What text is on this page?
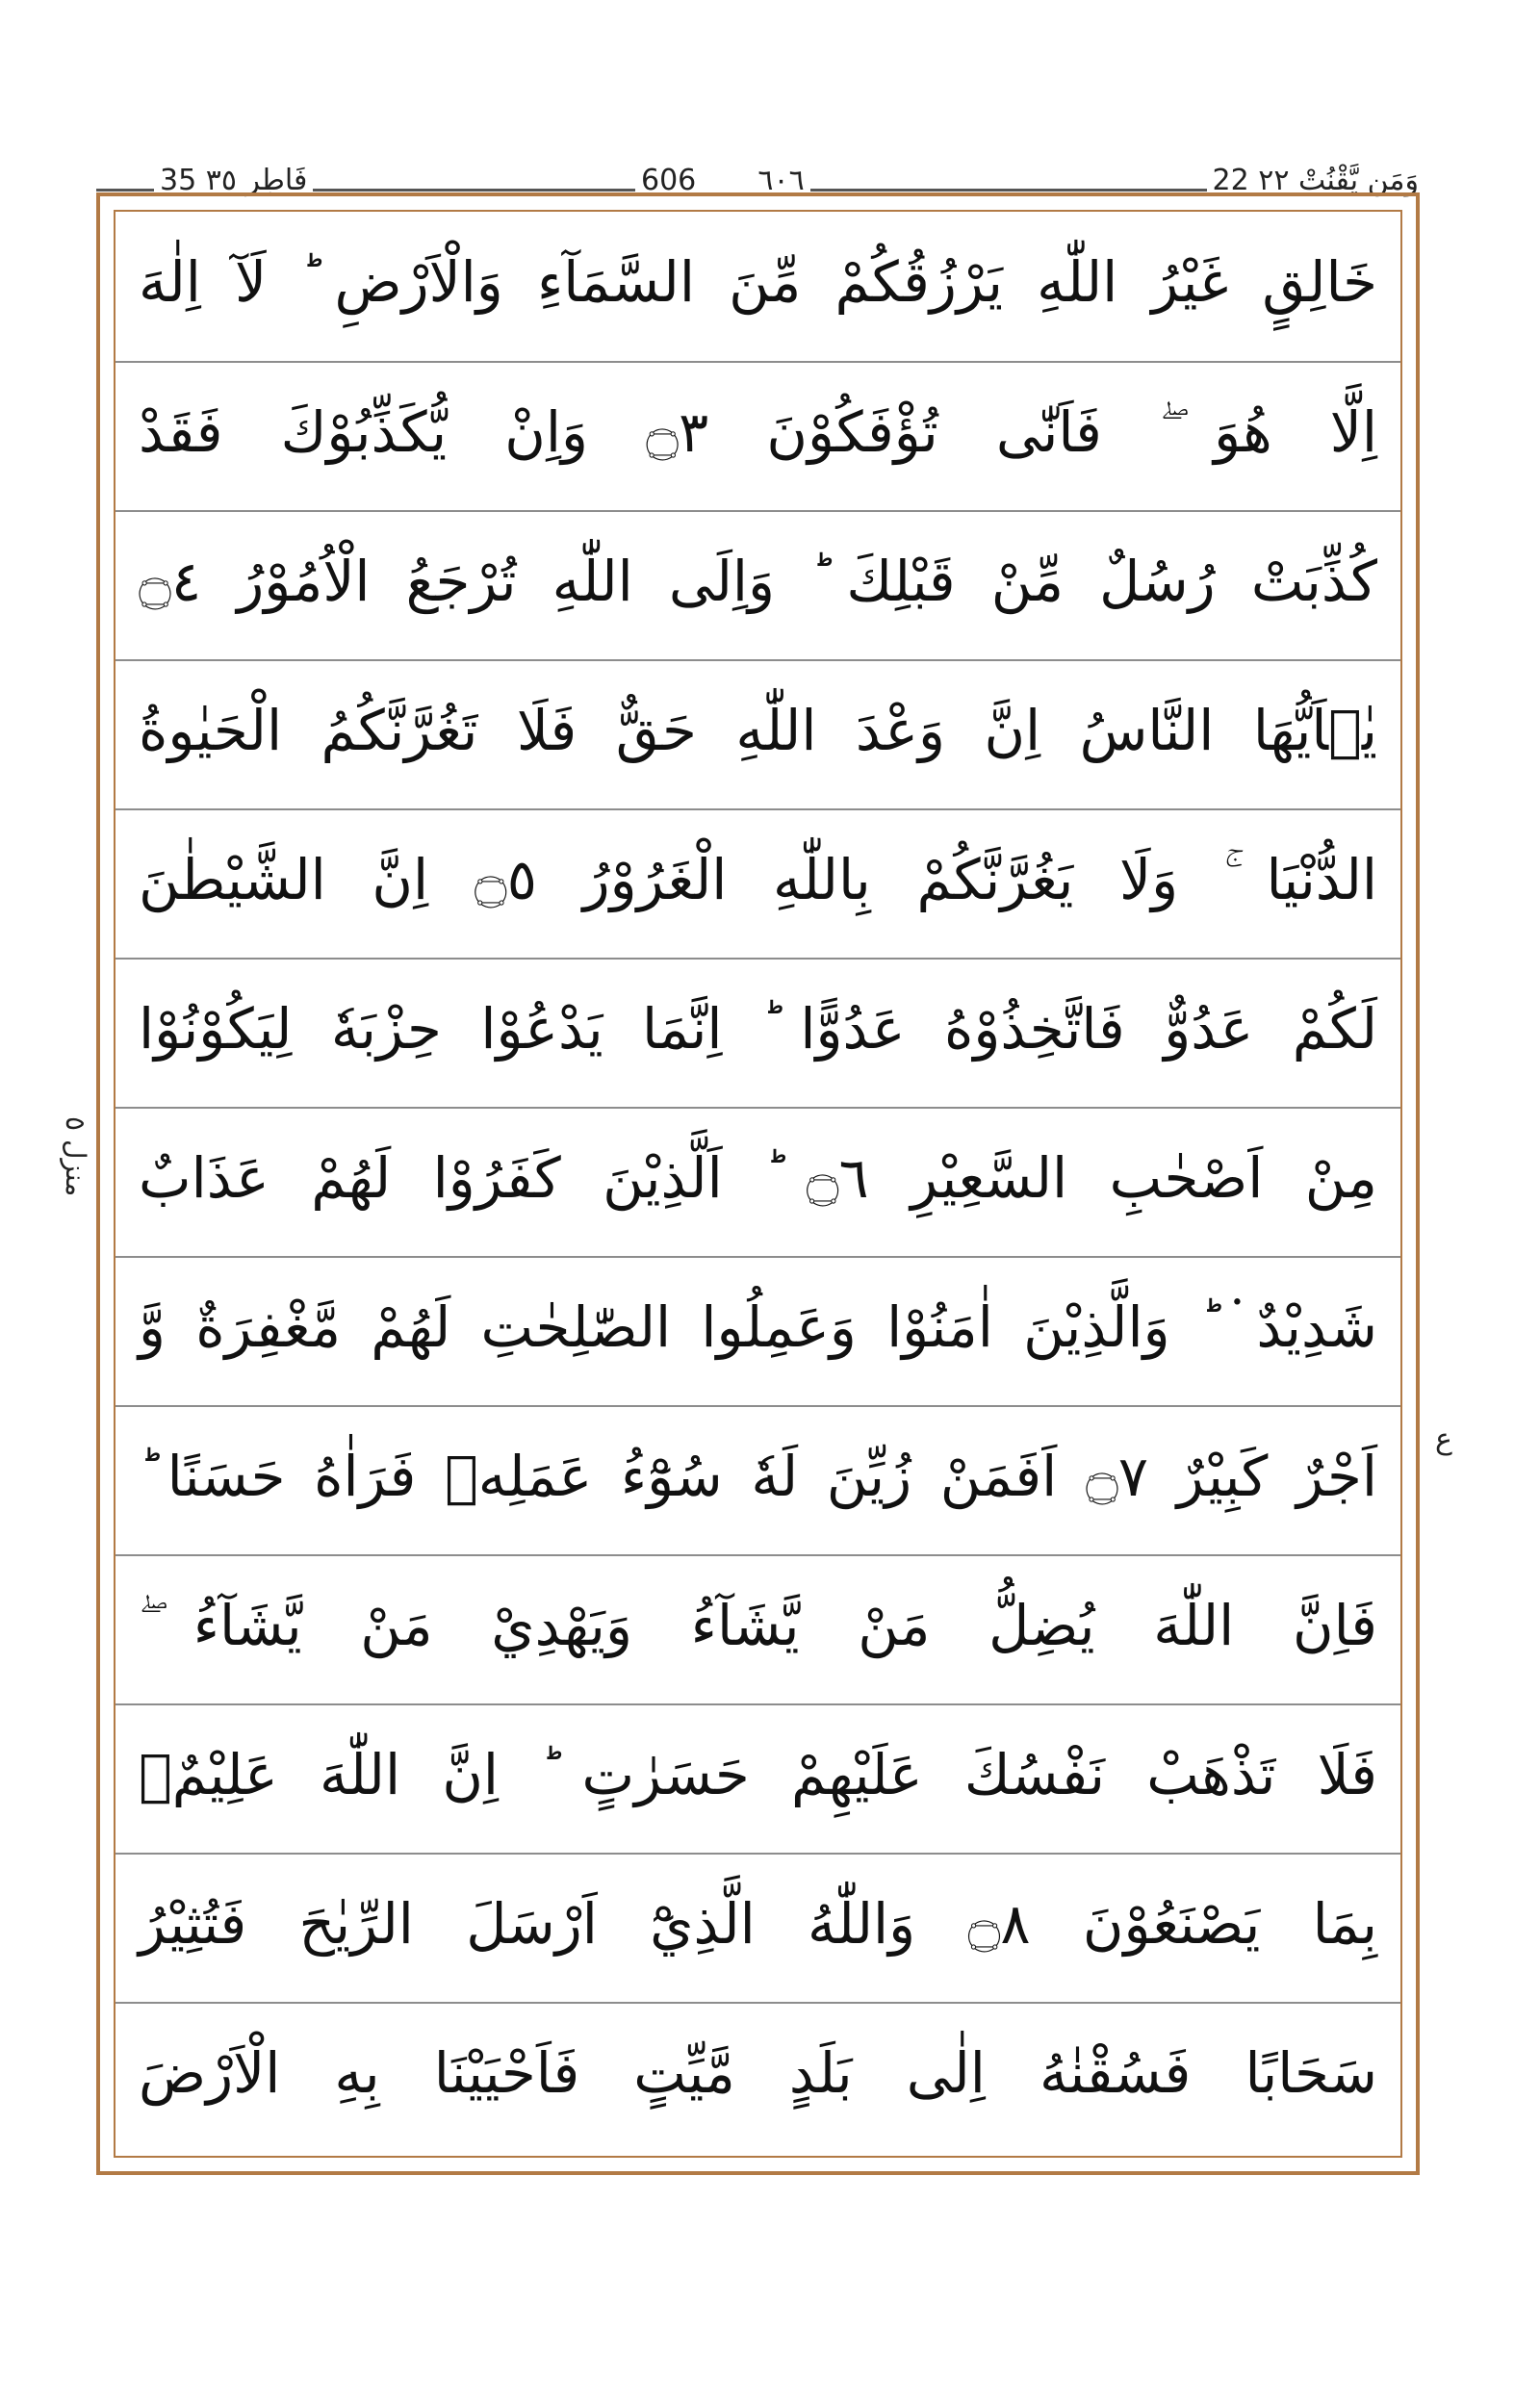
35 فَاطِر ٣٥	606 ___ ٦٠٦	22 وَمَن يَّقْنُتْ ٢٢
خَالِقٍ غَيْرُ اللّٰهِ يَرْزُقُكُمْ مِّنَ السَّمَآءِ وَالْاَرْضِ ؕ لَآ اِلٰهَ
اِلَّا هُوَ ۖ فَاَنّٰى تُؤْفَكُوْنَ ۝٣ وَاِنْ يُّكَذِّبُوْكَ فَقَدْ
كُذِّبَتْ رُسُلٌ مِّنْ قَبْلِكَ ؕ وَاِلَى اللّٰهِ تُرْجَعُ الْاُمُوْرُ ۝٤
يٰۤاَيُّهَا النَّاسُ اِنَّ وَعْدَ اللّٰهِ حَقٌّ فَلَا تَغُرَّنَّكُمُ الْحَيٰوةُ
الدُّنْيَا ۚ وَلَا يَغُرَّنَّكُمْ بِاللّٰهِ الْغَرُوْرُ ۝٥ اِنَّ الشَّيْطٰنَ
لَكُمْ عَدُوٌّ فَاتَّخِذُوْهُ عَدُوًّا ؕ اِنَّمَا يَدْعُوْا حِزْبَهٗ لِيَكُوْنُوْا
مِنْ اَصْحٰبِ السَّعِيْرِ ۝٦ ؕ اَلَّذِيْنَ كَفَرُوْا لَهُمْ عَذَابٌ
شَدِيْدٌ ۬ ؕ وَالَّذِيْنَ اٰمَنُوْا وَعَمِلُوا الصّٰلِحٰتِ لَهُمْ مَّغْفِرَةٌ وَّ
اَجْرٌ كَبِيْرٌ ۝٧ اَفَمَنْ زُيِّنَ لَهٗ سُوْٓءُ عَمَلِهٖ فَرَاٰهُ حَسَنًا ؕ
فَاِنَّ اللّٰهَ يُضِلُّ مَنْ يَّشَآءُ وَيَهْدِيْ مَنْ يَّشَآءُ ۖ
فَلَا تَذْهَبْ نَفْسُكَ عَلَيْهِمْ حَسَرٰتٍ ؕ اِنَّ اللّٰهَ عَلِيْمٌۢ
بِمَا يَصْنَعُوْنَ ۝٨ وَاللّٰهُ الَّذِيْٓ اَرْسَلَ الرِّيٰحَ فَتُثِيْرُ
سَحَابًا فَسُقْنٰهُ اِلٰى بَلَدٍ مَّيِّتٍ فَاَحْيَيْنَا بِهِ الْاَرْضَ
منزل ٥
ع
